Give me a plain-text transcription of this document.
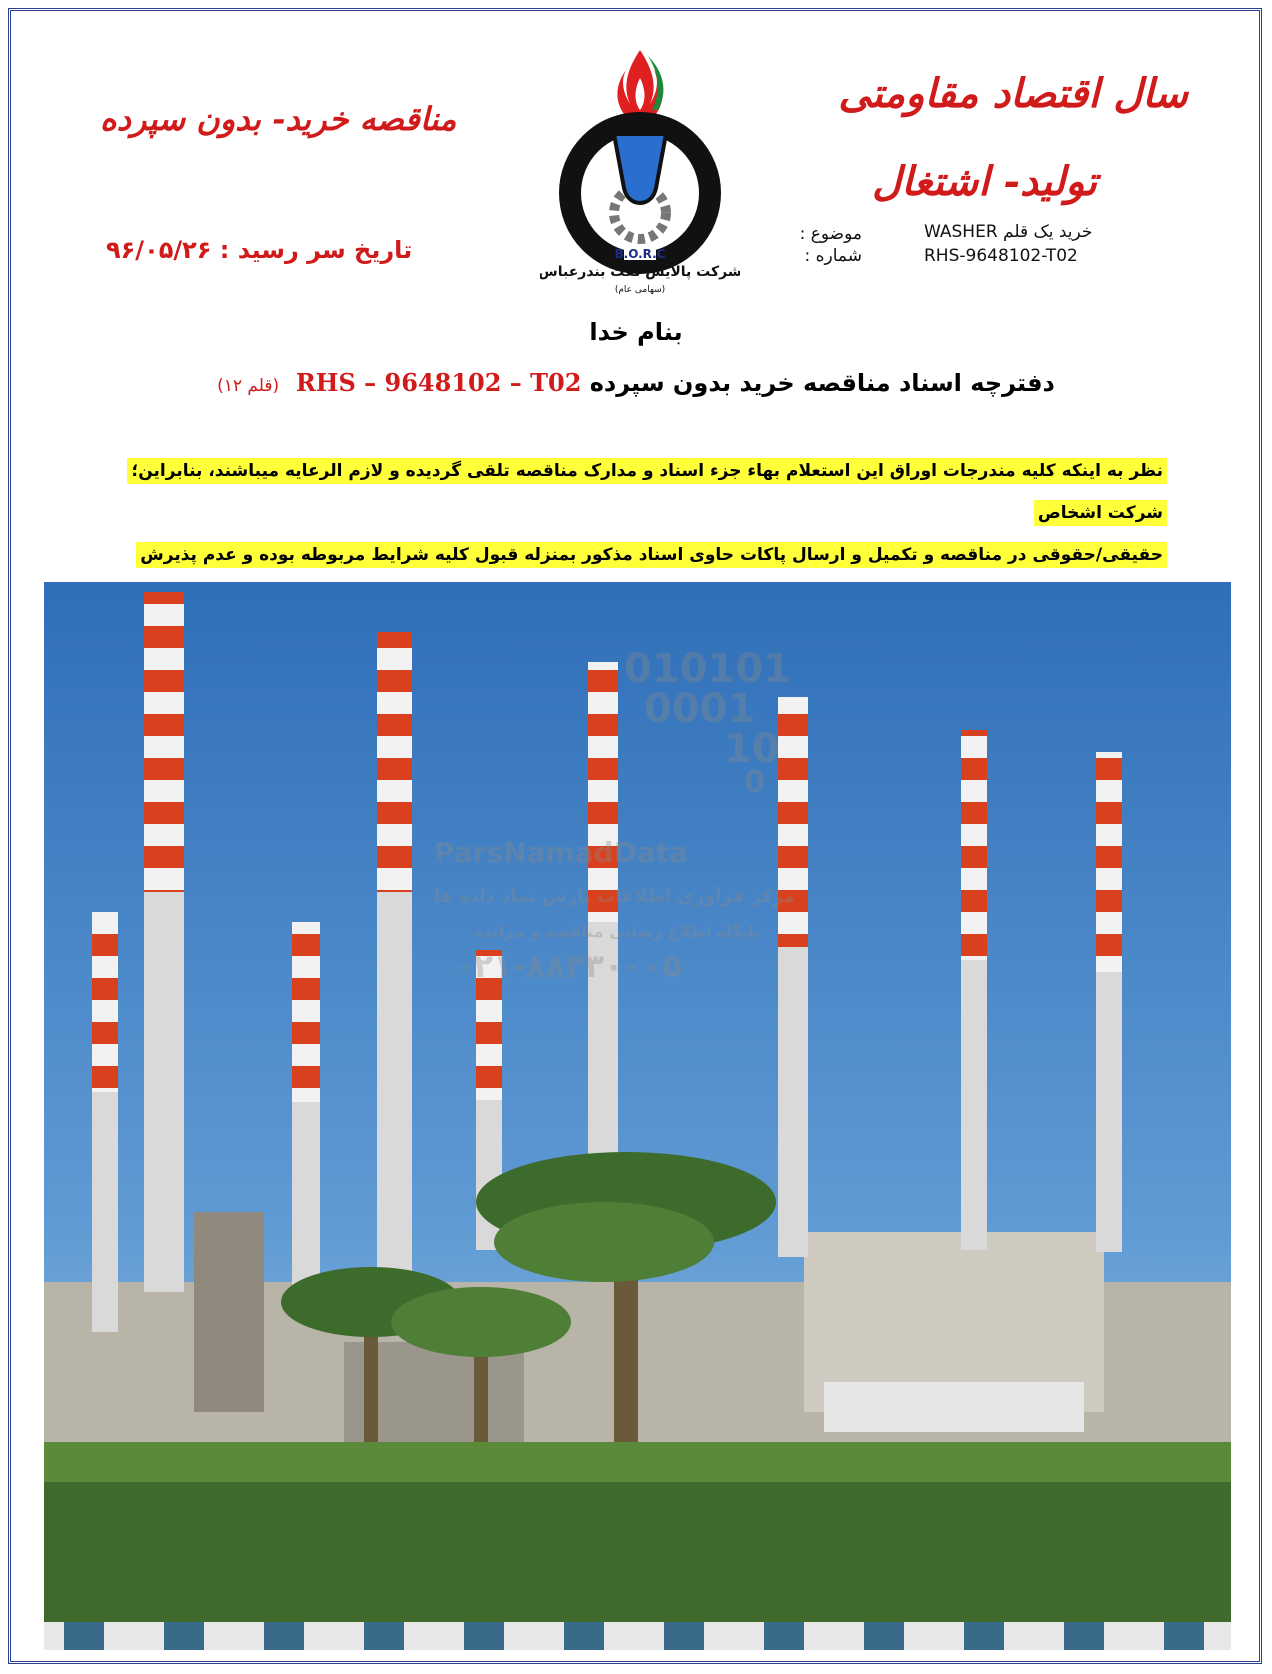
سال اقتصاد مقاومتی
تولید- اشتغال
مناقصه خرید- بدون سپرده
تاریخ سر رسید : ۹۶/۰۵/۲۶	B.O.R.C
شرکت پالایش نفت بندرعباس
(سهامی عام)
موضوع :
شماره :
WASHER خرید یک قلم
RHS-9648102-T02
بنام خدا
دفترچه اسناد مناقصه خرید بدون سپرده RHS – 9648102 – T02  (قلم ۱۲)
نظر به اینکه کلیه مندرجات اوراق این استعلام بهاء جزء اسناد و مدارک مناقصه تلقی گردیده و لازم الرعایه میباشند، بنابراین؛ شرکت اشخاص
حقیقی/حقوقی در مناقصه و تکمیل و ارسال پاکات حاوی اسناد مذکور بمنزله قبول کلیه شرایط مربوطه بوده و عدم پذیرش

010101
0001
10
0
ParsNamadData
مرکز فرآوری اطلاعات پارس نماد داده ها
پایگاه اطلاع رسانی مناقصه و مزایده
۰۲۱-۸۸۳۳۰۰۰۵
